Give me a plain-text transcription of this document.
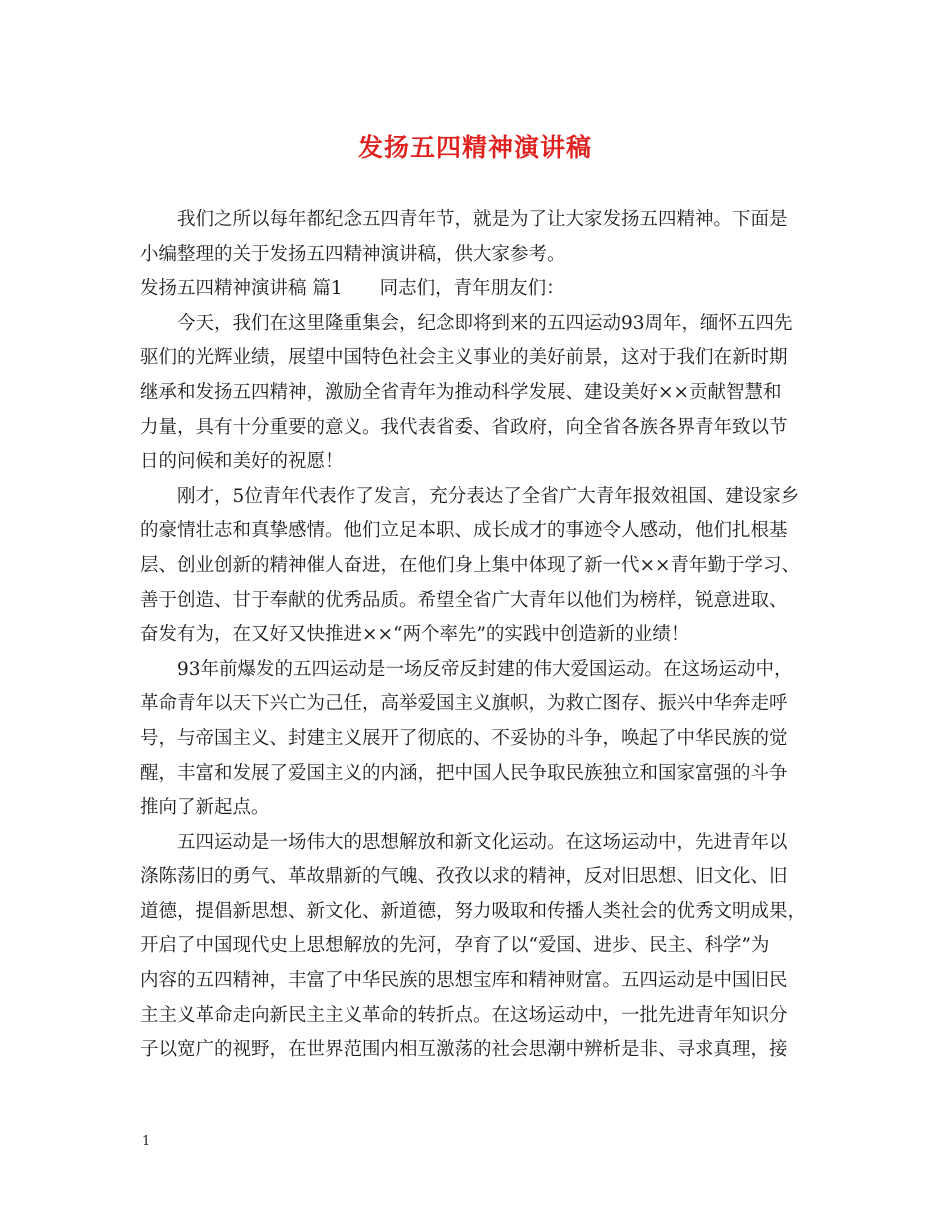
发扬五四精神演讲稿
我们之所以每年都纪念五四青年节，就是为了让大家发扬五四精神。下面是
小编整理的关于发扬五四精神演讲稿，供大家参考。
发扬五四精神演讲稿 篇1　　同志们，青年朋友们：
今天，我们在这里隆重集会，纪念即将到来的五四运动93周年，缅怀五四先
驱们的光辉业绩，展望中国特色社会主义事业的美好前景，这对于我们在新时期
继承和发扬五四精神，激励全省青年为推动科学发展、建设美好××贡献智慧和
力量，具有十分重要的意义。我代表省委、省政府，向全省各族各界青年致以节
日的问候和美好的祝愿！
刚才，5位青年代表作了发言，充分表达了全省广大青年报效祖国、建设家乡
的豪情壮志和真挚感情。他们立足本职、成长成才的事迹令人感动，他们扎根基
层、创业创新的精神催人奋进，在他们身上集中体现了新一代××青年勤于学习、
善于创造、甘于奉献的优秀品质。希望全省广大青年以他们为榜样，锐意进取、
奋发有为，在又好又快推进××“两个率先”的实践中创造新的业绩！
93年前爆发的五四运动是一场反帝反封建的伟大爱国运动。在这场运动中，
革命青年以天下兴亡为己任，高举爱国主义旗帜，为救亡图存、振兴中华奔走呼
号，与帝国主义、封建主义展开了彻底的、不妥协的斗争，唤起了中华民族的觉
醒，丰富和发展了爱国主义的内涵，把中国人民争取民族独立和国家富强的斗争
推向了新起点。
五四运动是一场伟大的思想解放和新文化运动。在这场运动中，先进青年以
涤陈荡旧的勇气、革故鼎新的气魄、孜孜以求的精神，反对旧思想、旧文化、旧
道德，提倡新思想、新文化、新道德，努力吸取和传播人类社会的优秀文明成果，
开启了中国现代史上思想解放的先河，孕育了以“爱国、进步、民主、科学”为
内容的五四精神，丰富了中华民族的思想宝库和精神财富。五四运动是中国旧民
主主义革命走向新民主主义革命的转折点。在这场运动中，一批先进青年知识分
子以宽广的视野，在世界范围内相互激荡的社会思潮中辨析是非、寻求真理，接
1
